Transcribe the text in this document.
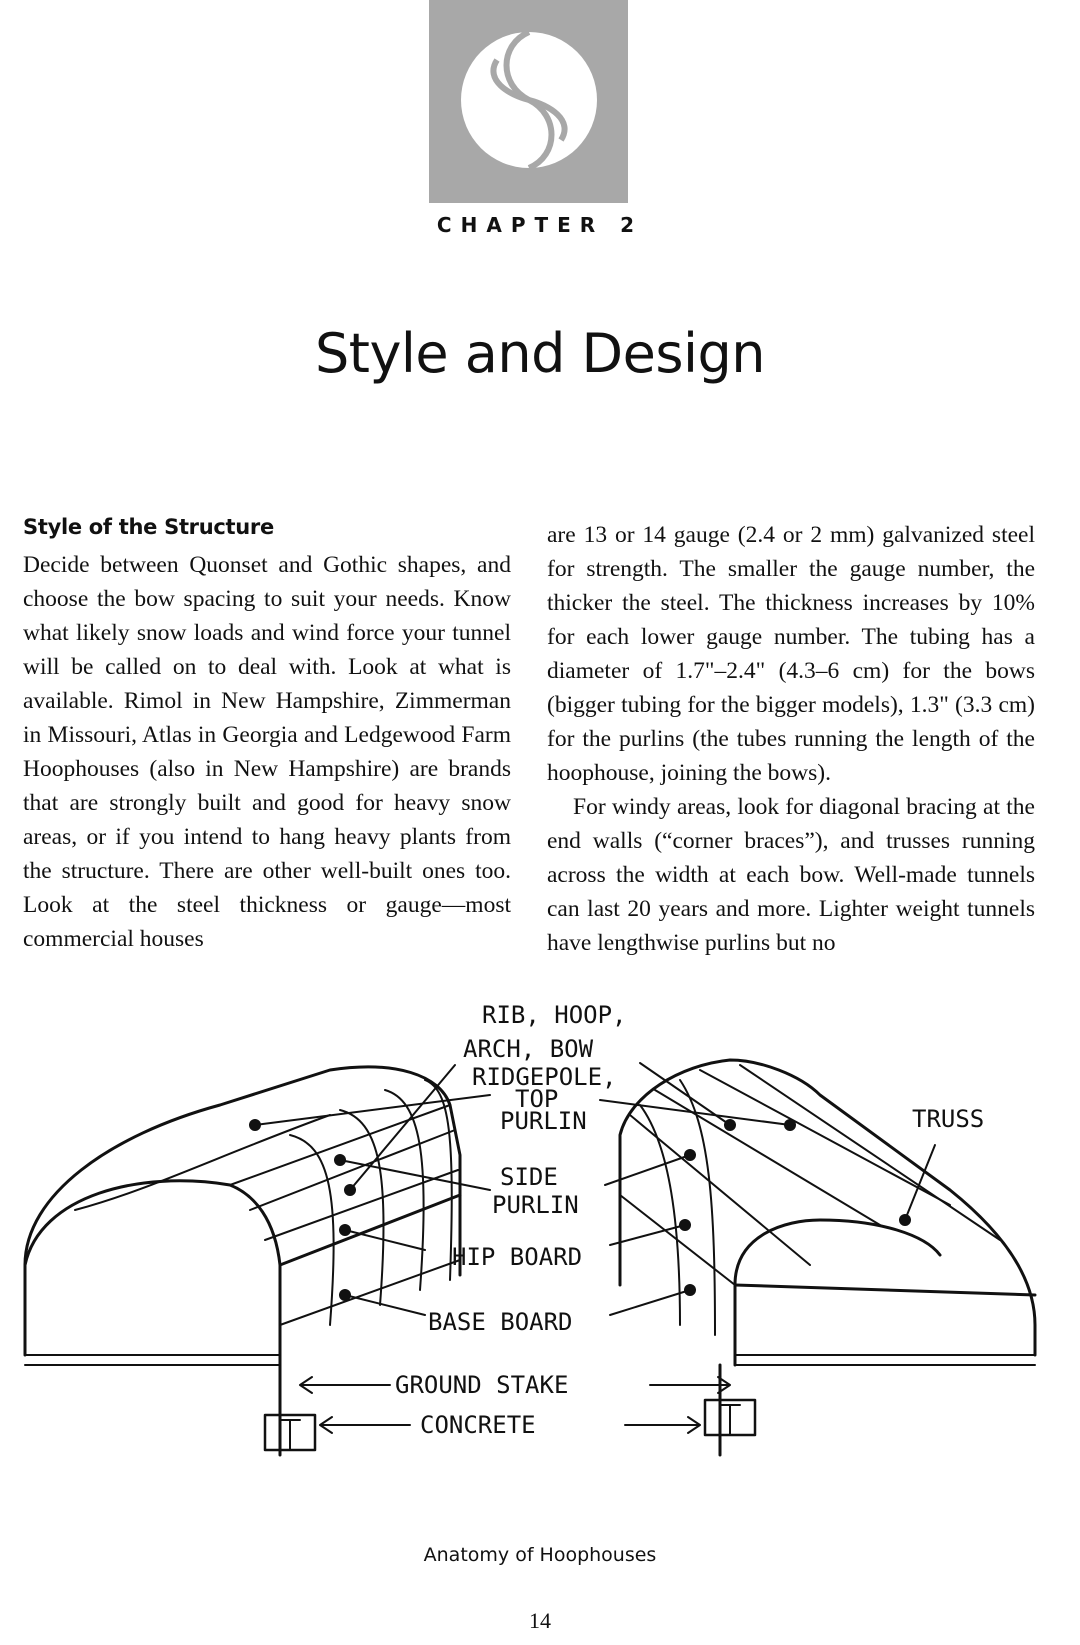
CHAPTER 2
Style and Design
Style of the Structure

Decide between Quonset and Gothic shapes, and choose the bow spacing to suit your needs. Know what likely snow loads and wind force your tunnel will be called on to deal with. Look at what is available. Rimol in New Hampshire, Zimmerman in Missouri, Atlas in Georgia and Ledgewood Farm Hoophouses (also in New Hampshire) are brands that are strongly built and good for heavy snow areas, or if you intend to hang heavy plants from the structure. There are other well-built ones too. Look at the steel thickness or gauge—most commercial houses

are 13 or 14 gauge (2.4 or 2 mm) galvanized steel for strength. The smaller the gauge number, the thicker the steel. The thickness increases by 10% for each lower gauge number. The tubing has a diameter of 1.7"–2.4" (4.3–6 cm) for the bows (bigger tubing for the bigger models), 1.3" (3.3 cm) for the purlins (the tubes running the length of the hoophouse, joining the bows).

For windy areas, look for diagonal bracing at the end walls (“corner braces”), and trusses running across the width at each bow. Well-made tunnels can last 20 years and more. Lighter weight tunnels have lengthwise purlins but no

RIB, HOOP,
ARCH, BOW
RIDGEPOLE,
TOP
PURLIN	TRUSS
SIDE
PURLIN
HIP BOARD
BASE BOARD
GROUND STAKE
CONCRETE
Anatomy of Hoophouses
14
